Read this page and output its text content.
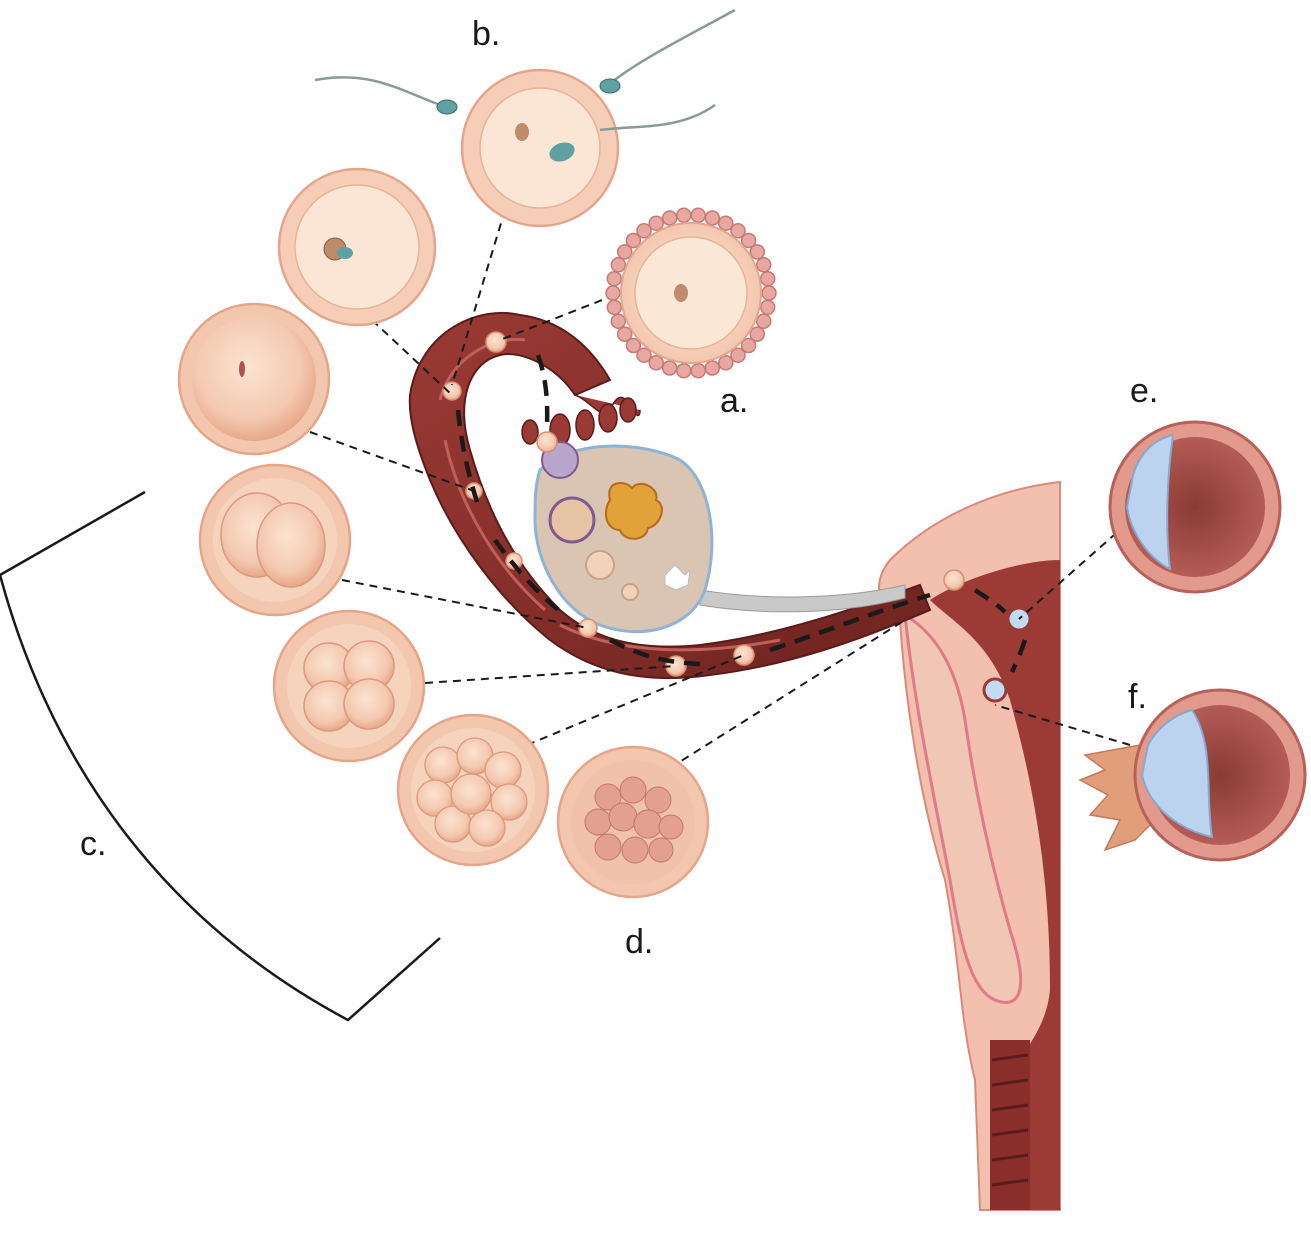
a.
b.
c.
d.
e.
f.
